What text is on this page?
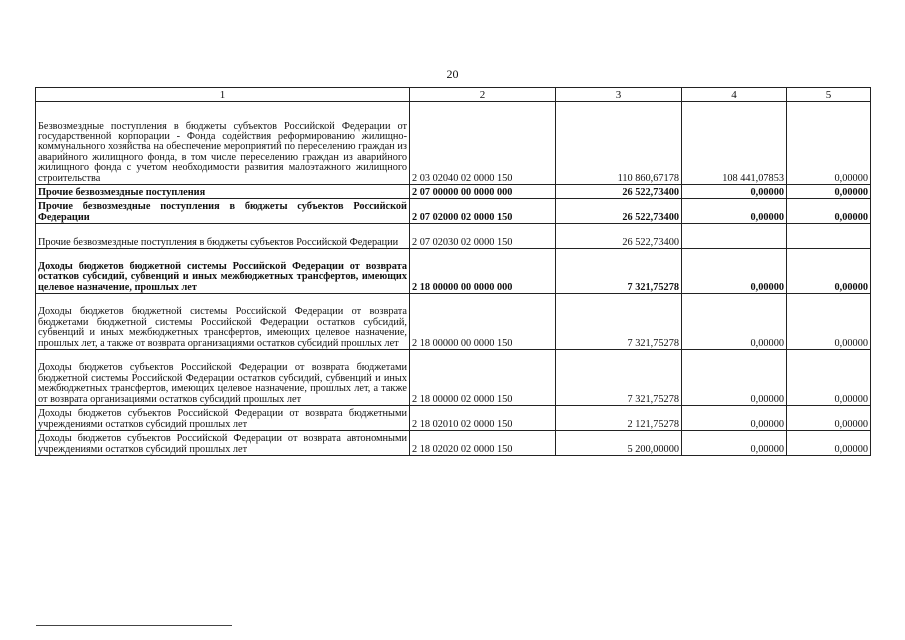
20
1	2	3	4	5
Безвозмездные поступления в бюджеты субъектов Российской Федерации от государственной корпорации - Фонда содействия реформированию жилищно-коммунального хозяйства на обеспечение мероприятий по переселению граждан из аварийного жилищного фонда, в том числе переселению граждан из аварийного жилищного фонда с учетом необходимости развития малоэтажного жилищного строительства	2 03 02040 02 0000 150	110 860,67178	108 441,07853	0,00000
Прочие безвозмездные поступления	2 07 00000 00 0000 000	26 522,73400	0,00000	0,00000
Прочие безвозмездные поступления в бюджеты субъектов Российской Федерации	2 07 02000 02 0000 150	26 522,73400	0,00000	0,00000
Прочие безвозмездные поступления в бюджеты субъектов Российской Федерации	2 07 02030 02 0000 150	26 522,73400		
Доходы бюджетов бюджетной системы Российской Федерации от возврата остатков субсидий, субвенций и иных межбюджетных трансфертов, имеющих целевое назначение, прошлых лет	2 18 00000 00 0000 000	7 321,75278	0,00000	0,00000
Доходы бюджетов бюджетной системы Российской Федерации от возврата бюджетами бюджетной системы Российской Федерации остатков субсидий, субвенций и иных межбюджетных трансфертов, имеющих целевое назначение, прошлых лет, а также от возврата организациями остатков субсидий прошлых лет	2 18 00000 00 0000 150	7 321,75278	0,00000	0,00000
Доходы бюджетов субъектов Российской Федерации от возврата бюджетами бюджетной системы Российской Федерации остатков субсидий, субвенций и иных межбюджетных трансфертов, имеющих целевое назначение, прошлых лет, а также от возврата организациями остатков субсидий прошлых лет	2 18 00000 02 0000 150	7 321,75278	0,00000	0,00000
Доходы бюджетов субъектов Российской Федерации от возврата бюджетными учреждениями остатков субсидий прошлых лет	2 18 02010 02 0000 150	2 121,75278	0,00000	0,00000
Доходы бюджетов субъектов Российской Федерации от возврата автономными учреждениями остатков субсидий прошлых лет	2 18 02020 02 0000 150	5 200,00000	0,00000	0,00000
